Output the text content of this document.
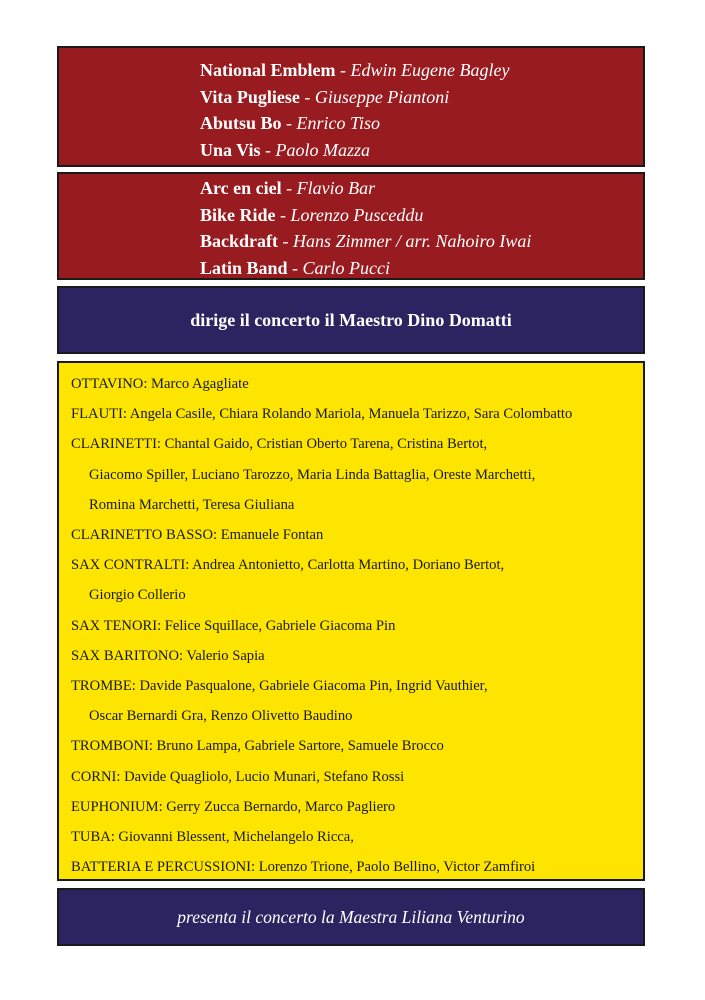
National Emblem - Edwin Eugene Bagley
Vita Pugliese - Giuseppe Piantoni
Abutsu Bo - Enrico Tiso
Una Vis - Paolo Mazza
Arc en ciel - Flavio Bar
Bike Ride - Lorenzo Pusceddu
Backdraft - Hans Zimmer / arr. Nahoiro Iwai
Latin Band - Carlo Pucci
dirige il concerto il Maestro Dino Domatti
OTTAVINO: Marco Agagliate
FLAUTI: Angela Casile, Chiara Rolando Mariola, Manuela Tarizzo, Sara Colombatto
CLARINETTI: Chantal Gaido, Cristian Oberto Tarena, Cristina Bertot,
Giacomo Spiller, Luciano Tarozzo, Maria Linda Battaglia, Oreste Marchetti,
Romina Marchetti, Teresa Giuliana
CLARINETTO BASSO: Emanuele Fontan
SAX CONTRALTI: Andrea Antonietto, Carlotta Martino, Doriano Bertot,
Giorgio Collerio
SAX TENORI: Felice Squillace, Gabriele Giacoma Pin
SAX BARITONO: Valerio Sapia
TROMBE: Davide Pasqualone, Gabriele Giacoma Pin, Ingrid Vauthier,
Oscar Bernardi Gra, Renzo Olivetto Baudino
TROMBONI: Bruno Lampa, Gabriele Sartore, Samuele Brocco
CORNI: Davide Quagliolo, Lucio Munari, Stefano Rossi
EUPHONIUM: Gerry Zucca Bernardo, Marco Pagliero
TUBA: Giovanni Blessent, Michelangelo Ricca,
BATTERIA E PERCUSSIONI: Lorenzo Trione, Paolo Bellino, Victor Zamfiroi
presenta il concerto la Maestra Liliana Venturino
